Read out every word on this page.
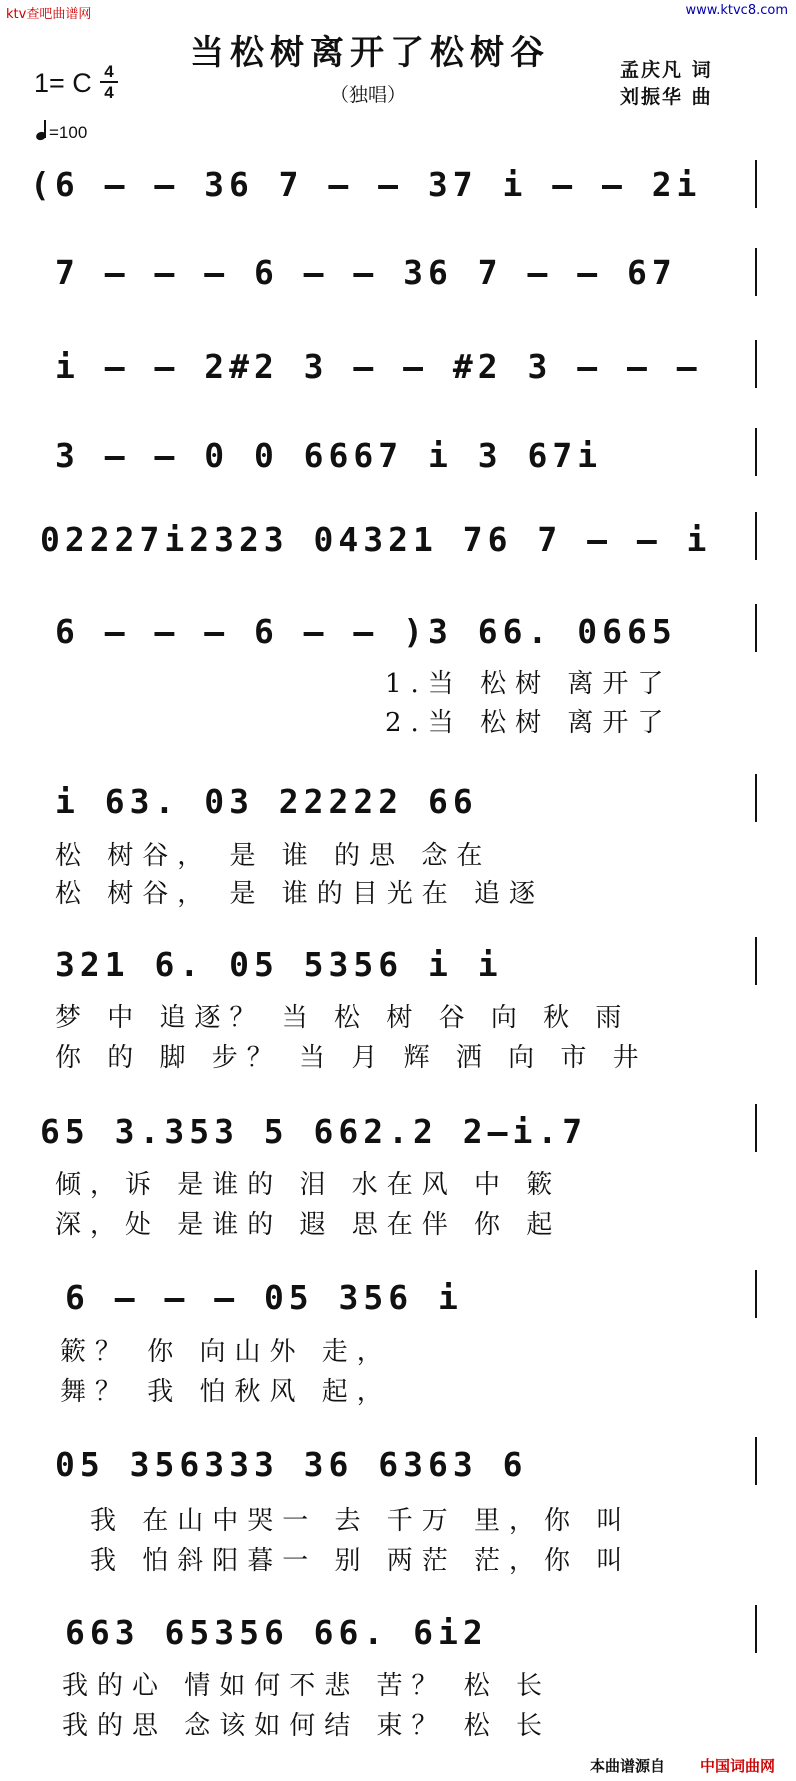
ktv查吧曲谱网	www.ktvc8.com
当松树离开了松树谷
（独唱）
孟庆凡 词
刘振华 曲
1= C 4
4
=100
(6 – – 36 7 – – 37 i – – 2i
7 – – – 6 – – 36 7 – – 67
i – – 2#2 3 – – #2 3 – – –
3 – – 0 0 6667 i 3 67i
02227i2323 04321 76 7 – – i
6 – – – 6 – – )3 66. 0665
1.当 松树 离开了
2.当 松树 离开了
i 63. 03 22222 66
松 树谷， 是 谁 的思 念在
松 树谷， 是 谁的目光在 追逐
321 6. 05 5356 i i
梦 中 追逐？ 当 松 树 谷 向 秋 雨
你 的 脚 步？ 当 月 辉 洒 向 市 井
65 3.353 5 662.2 2–i.7
倾，诉 是谁的 泪 水在风 中 簌
深，处 是谁的 遐 思在伴 你 起
6 – – – 05 356 i
簌？ 你 向山外 走，
舞？ 我 怕秋风 起，
05 356333 36 6363 6
我 在山中哭一 去 千万 里，你 叫
我 怕斜阳暮一 别 两茫 茫，你 叫
663 65356 66. 6i2
我的心 情如何不悲 苦？ 松 长
我的思 念该如何结 束？ 松 长
本曲谱源自 中国词曲网
